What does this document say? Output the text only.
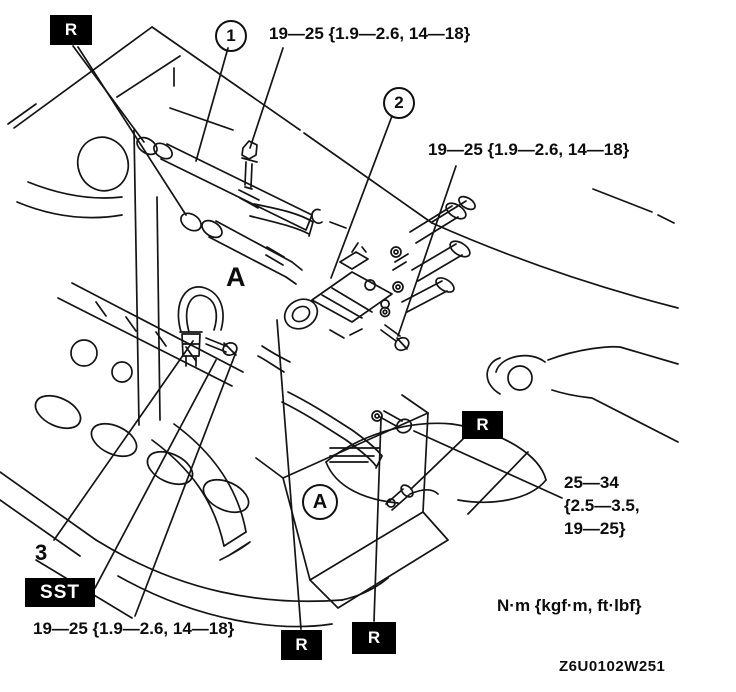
R	1 19—25 {1.9—2.6, 14—18}
2
19—25 {1.9—2.6, 14—18}
A
A
R
25—34
{2.5—3.5,
19—25}
3
SST
19—25 {1.9—2.6, 14—18}
R	R
N·m {kgf·m, ft·lbf}
Z6U0102W251
